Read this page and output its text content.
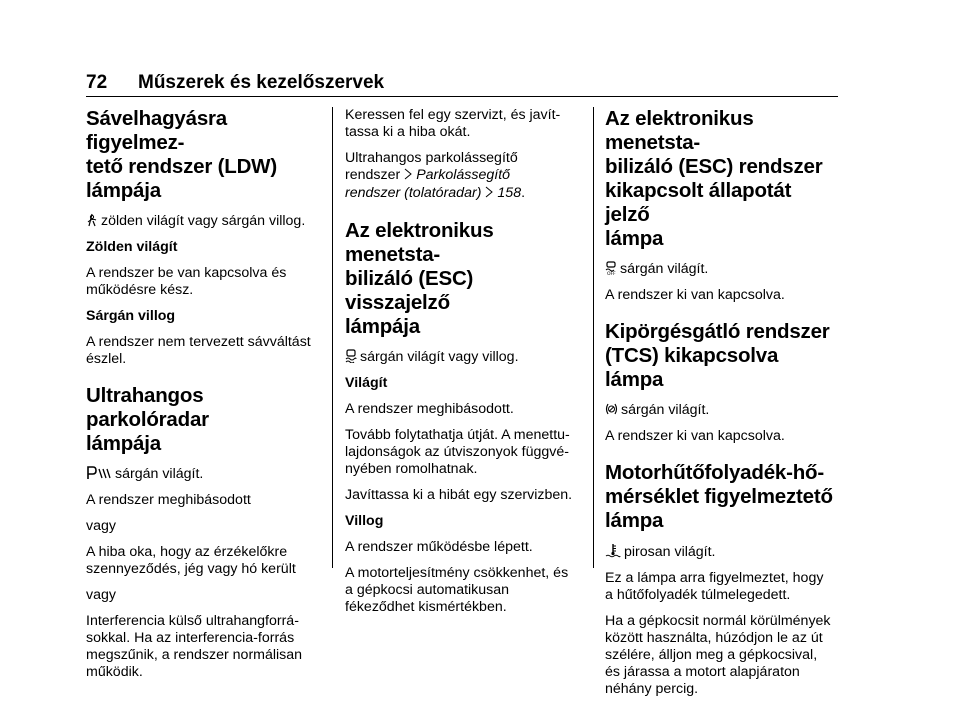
72 Műszerek és kezelőszervek
Sávelhagyásra figyelmez-
tető rendszer (LDW)
lámpája

zölden világít vagy sárgán villog.

Zölden világít

A rendszer be van kapcsolva és
működésre kész.

Sárgán villog

A rendszer nem tervezett sávváltást
észlel.

Ultrahangos parkolóradar
lámpája

sárgán világít.

A rendszer meghibásodott

vagy

A hiba oka, hogy az érzékelőkre
szennyeződés, jég vagy hó került

vagy

Interferencia külső ultrahangforrá-
sokkal. Ha az interferencia-forrás
megszűnik, a rendszer normálisan
működik.

Keressen fel egy szervizt, és javít-
tassa ki a hiba okát.

Ultrahangos parkolássegítő
rendszer Parkolássegítő
rendszer (tolatóradar) 158.

Az elektronikus menetsta-
bilizáló (ESC) visszajelző
lámpája

sárgán világít vagy villog.

Világít

A rendszer meghibásodott.

Tovább folytathatja útját. A menettu-
lajdonságok az útviszonyok függvé-
nyében romolhatnak.

Javíttassa ki a hibát egy szervizben.

Villog

A rendszer működésbe lépett.

A motorteljesítmény csökkenhet, és
a gépkocsi automatikusan
fékeződhet kismértékben.

Az elektronikus menetsta-
bilizáló (ESC) rendszer
kikapcsolt állapotát jelző
lámpa

OFF sárgán világít.

A rendszer ki van kapcsolva.

Kipörgésgátló rendszer
(TCS) kikapcsolva lámpa

sárgán világít.

A rendszer ki van kapcsolva.

Motorhűtőfolyadék-hő-
mérséklet figyelmeztető
lámpa

pirosan világít.

Ez a lámpa arra figyelmeztet, hogy
a hűtőfolyadék túlmelegedett.

Ha a gépkocsit normál körülmények
között használta, húzódjon le az út
szélére, álljon meg a gépkocsival,
és járassa a motort alapjáraton
néhány percig.
